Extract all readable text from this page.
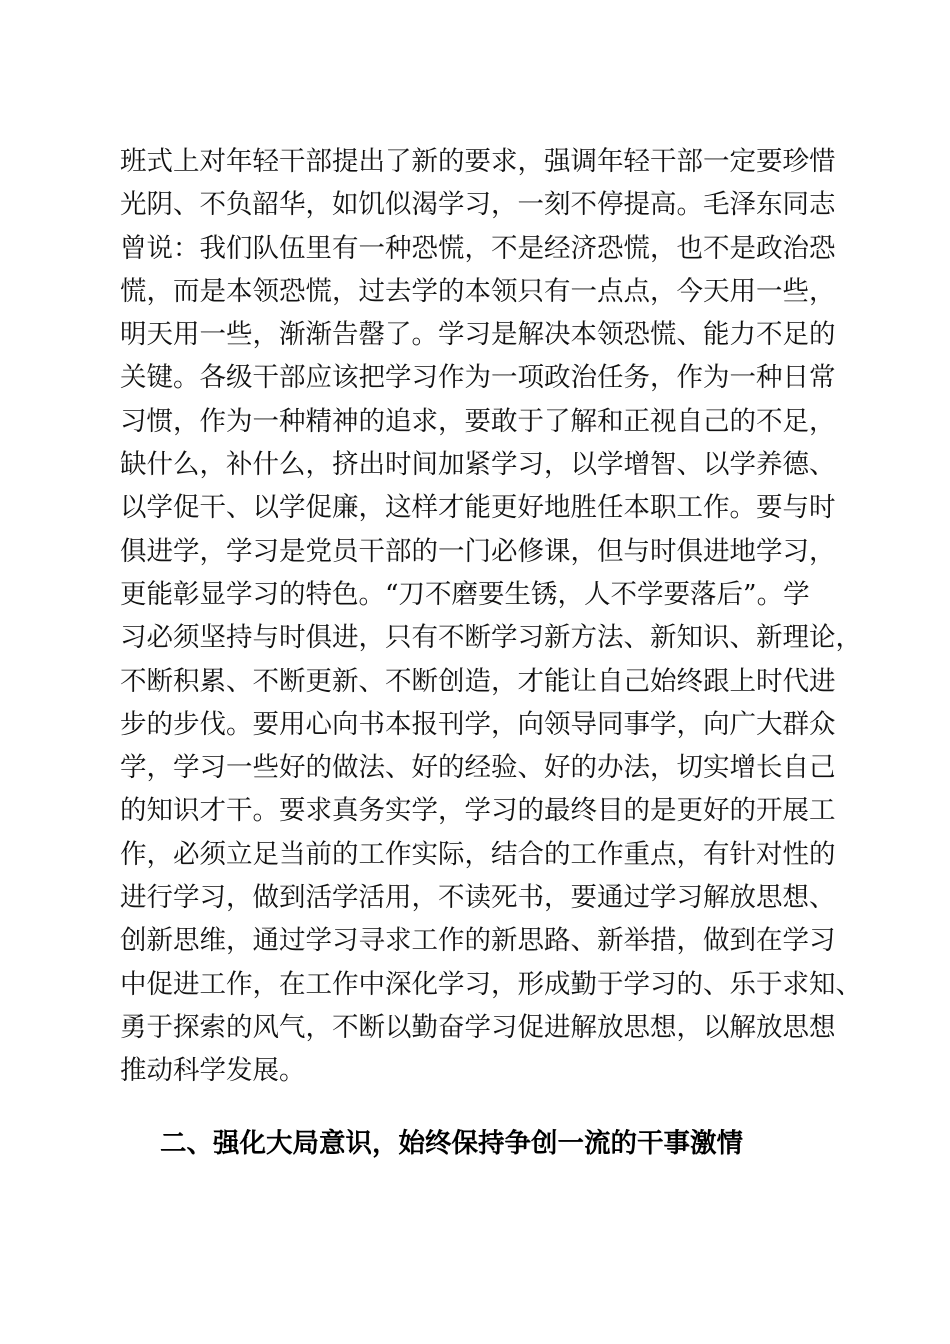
班式上对年轻干部提出了新的要求，强调年轻干部一定要珍惜
光阴、不负韶华，如饥似渴学习，一刻不停提高。毛泽东同志
曾说：我们队伍里有一种恐慌，不是经济恐慌，也不是政治恐
慌，而是本领恐慌，过去学的本领只有一点点，今天用一些，
明天用一些，渐渐告罄了。学习是解决本领恐慌、能力不足的
关键。各级干部应该把学习作为一项政治任务，作为一种日常
习惯，作为一种精神的追求，要敢于了解和正视自己的不足，
缺什么，补什么，挤出时间加紧学习，以学增智、以学养德、
以学促干、以学促廉，这样才能更好地胜任本职工作。要与时
俱进学，学习是党员干部的一门必修课，但与时俱进地学习，
更能彰显学习的特色。“刀不磨要生锈，人不学要落后”。学
习必须坚持与时俱进，只有不断学习新方法、新知识、新理论，
不断积累、不断更新、不断创造，才能让自己始终跟上时代进
步的步伐。要用心向书本报刊学，向领导同事学，向广大群众
学，学习一些好的做法、好的经验、好的办法，切实增长自己
的知识才干。要求真务实学，学习的最终目的是更好的开展工
作，必须立足当前的工作实际，结合的工作重点，有针对性的
进行学习，做到活学活用，不读死书，要通过学习解放思想、
创新思维，通过学习寻求工作的新思路、新举措，做到在学习
中促进工作，在工作中深化学习，形成勤于学习的、乐于求知、
勇于探索的风气，不断以勤奋学习促进解放思想，以解放思想
推动科学发展。
二、强化大局意识，始终保持争创一流的干事激情
